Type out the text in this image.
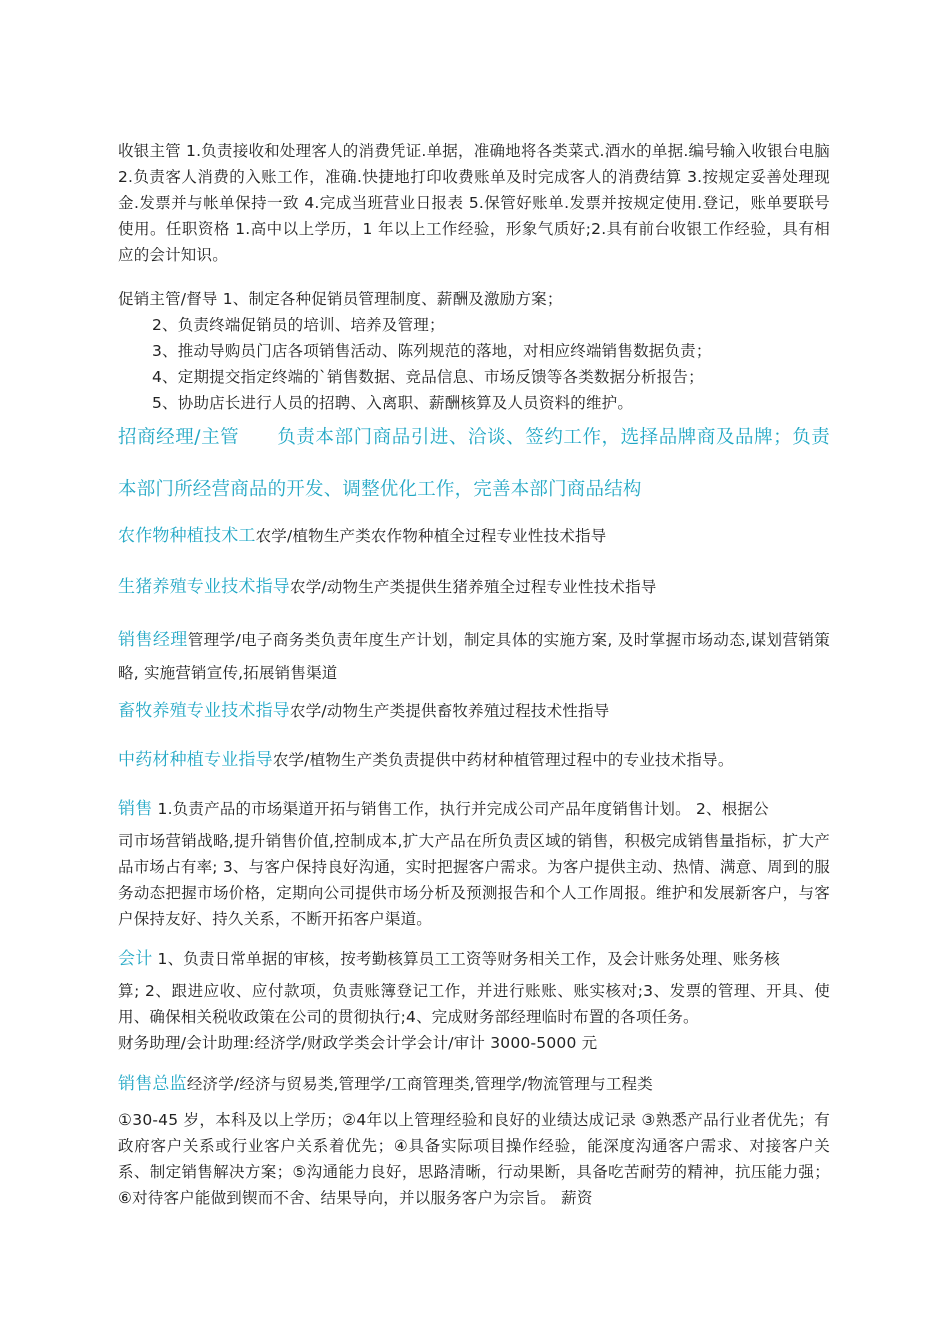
收银主管 1.负责接收和处理客人的消费凭证.单据，准确地将各类菜式.酒水的单据.编号输入收银台电脑 2.负责客人消费的入账工作，准确.快捷地打印收费账单及时完成客人的消费结算 3.按规定妥善处理现金.发票并与帐单保持一致 4.完成当班营业日报表 5.保管好账单.发票并按规定使用.登记，账单要联号使用。任职资格 1.高中以上学历，1 年以上工作经验，形象气质好;2.具有前台收银工作经验，具有相应的会计知识。
促销主管/督导 1、制定各种促销员管理制度、薪酬及激励方案；
2、负责终端促销员的培训、培养及管理；
3、推动导购员门店各项销售活动、陈列规范的落地，对相应终端销售数据负责；
4、定期提交指定终端的`销售数据、竞品信息、市场反馈等各类数据分析报告；
5、协助店长进行人员的招聘、入离职、薪酬核算及人员资料的维护。
招商经理/主管　　负责本部门商品引进、洽谈、签约工作，选择品牌商及品牌；负责本部门所经营商品的开发、调整优化工作，完善本部门商品结构
农作物种植技术工农学/植物生产类农作物种植全过程专业性技术指导
生猪养殖专业技术指导农学/动物生产类提供生猪养殖全过程专业性技术指导
销售经理管理学/电子商务类负责年度生产计划，制定具体的实施方案, 及时掌握市场动态,谋划营销策略, 实施营销宣传,拓展销售渠道
畜牧养殖专业技术指导农学/动物生产类提供畜牧养殖过程技术性指导
中药材种植专业指导农学/植物生产类负责提供中药材种植管理过程中的专业技术指导。
销售 1.负责产品的市场渠道开拓与销售工作，执行并完成公司产品年度销售计划。 2、根据公
司市场营销战略,提升销售价值,控制成本,扩大产品在所负责区域的销售，积极完成销售量指标，扩大产品市场占有率; 3、与客户保持良好沟通，实时把握客户需求。为客户提供主动、热情、满意、周到的服务动态把握市场价格，定期向公司提供市场分析及预测报告和个人工作周报。维护和发展新客户，与客户保持友好、持久关系，不断开拓客户渠道。
会计 1、负责日常单据的审核，按考勤核算员工工资等财务相关工作，及会计账务处理、账务核
算; 2、跟进应收、应付款项，负责账簿登记工作，并进行账账、账实核对;3、发票的管理、开具、使用、确保相关税收政策在公司的贯彻执行;4、完成财务部经理临时布置的各项任务。
财务助理/会计助理:经济学/财政学类会计学会计/审计 3000-5000 元
销售总监经济学/经济与贸易类,管理学/工商管理类,管理学/物流管理与工程类
①30-45 岁，本科及以上学历；②4年以上管理经验和良好的业绩达成记录 ③熟悉产品行业者优先；有政府客户关系或行业客户关系着优先；④具备实际项目操作经验，能深度沟通客户需求、对接客户关系、制定销售解决方案；⑤沟通能力良好，思路清晰，行动果断，具备吃苦耐劳的精神，抗压能力强；⑥对待客户能做到锲而不舍、结果导向，并以服务客户为宗旨。 薪资
